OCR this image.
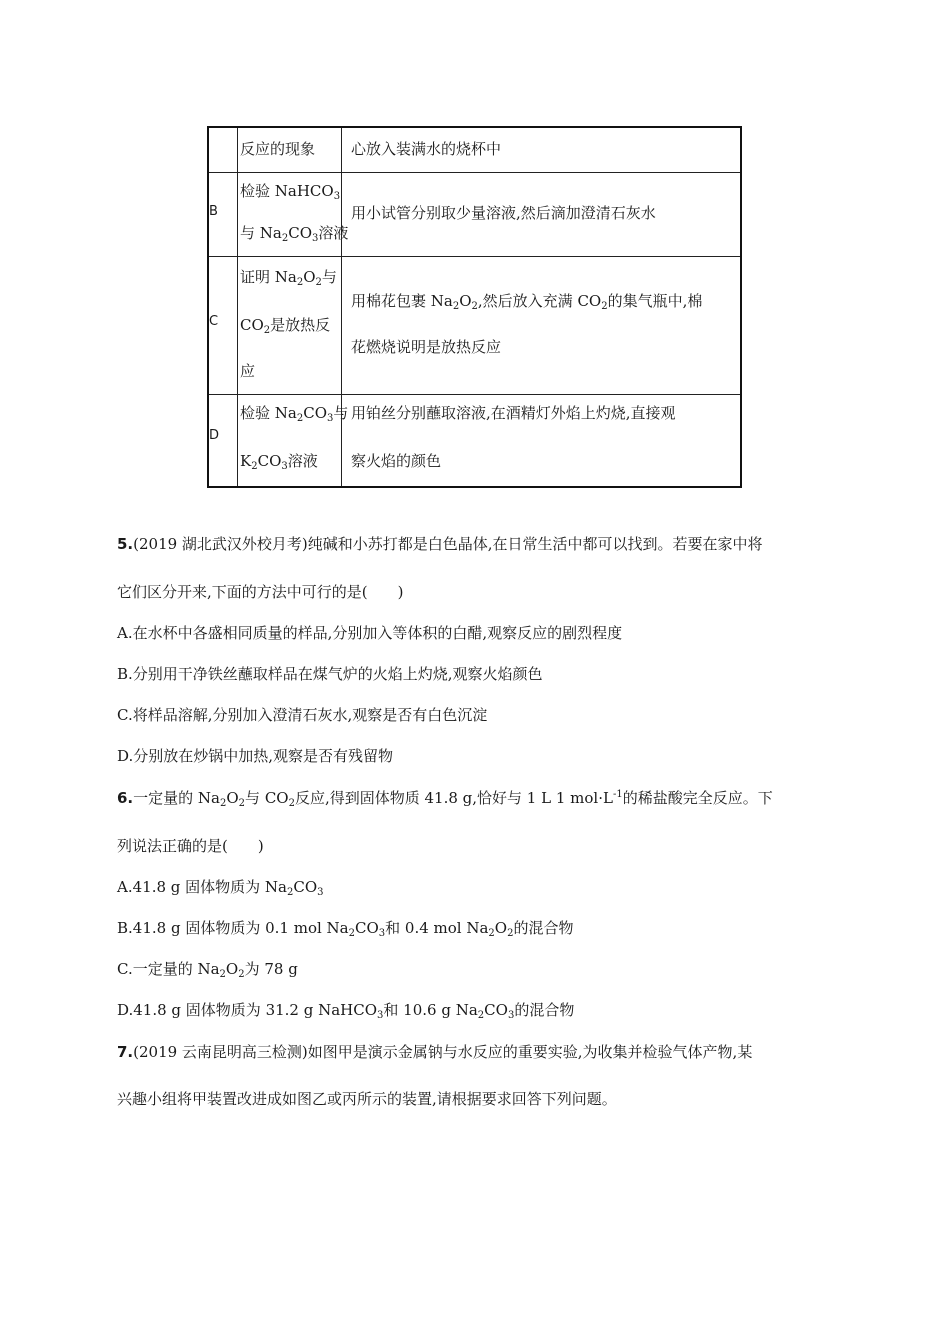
反应的现象 心放入装满水的烧杯中
B
检验 NaHCO$_3$
与 $Na_2CO_3$溶液
用小试管分别取少量溶液,然后滴加澄清石灰水
C
证明 $Na_2O_2$与
$CO_2$是放热反
应
用棉花包裹 $Na_2O_2$,然后放入充满 $CO_2$的集气瓶中,棉
花燃烧说明是放热反应
D
检验 $Na_2CO_3$与
$K_2CO_3$溶液
用铂丝分别蘸取溶液,在酒精灯外焰上灼烧,直接观
察火焰的颜色
5.(2019 湖北武汉外校月考)纯碱和小苏打都是白色晶体,在日常生活中都可以找到。若要在家中将
它们区分开来,下面的方法中可行的是(　　)
A.在水杯中各盛相同质量的样品,分别加入等体积的白醋,观察反应的剧烈程度
B.分别用干净铁丝蘸取样品在煤气炉的火焰上灼烧,观察火焰颜色
C.将样品溶解,分别加入澄清石灰水,观察是否有白色沉淀
D.分别放在炒锅中加热,观察是否有残留物
6.一定量的 $Na_2O_2$与 $CO_2$反应,得到固体物质 41.8 g,恰好与 1 L 1 $mol\cdot L^{-1}$的稀盐酸完全反应。下
列说法正确的是(　　)
A.41.8 g 固体物质为 $Na_2CO_3$
B.41.8 g 固体物质为 0.1 mol $Na_2CO_3$和 0.4 mol $Na_2O_2$的混合物
C.一定量的 $Na_2O_2$为 78 g
D.41.8 g 固体物质为 31.2 g NaHCO$_3$和 10.6 g $Na_2CO_3$的混合物
7.(2019 云南昆明高三检测)如图甲是演示金属钠与水反应的重要实验,为收集并检验气体产物,某
兴趣小组将甲装置改进成如图乙或丙所示的装置,请根据要求回答下列问题。
